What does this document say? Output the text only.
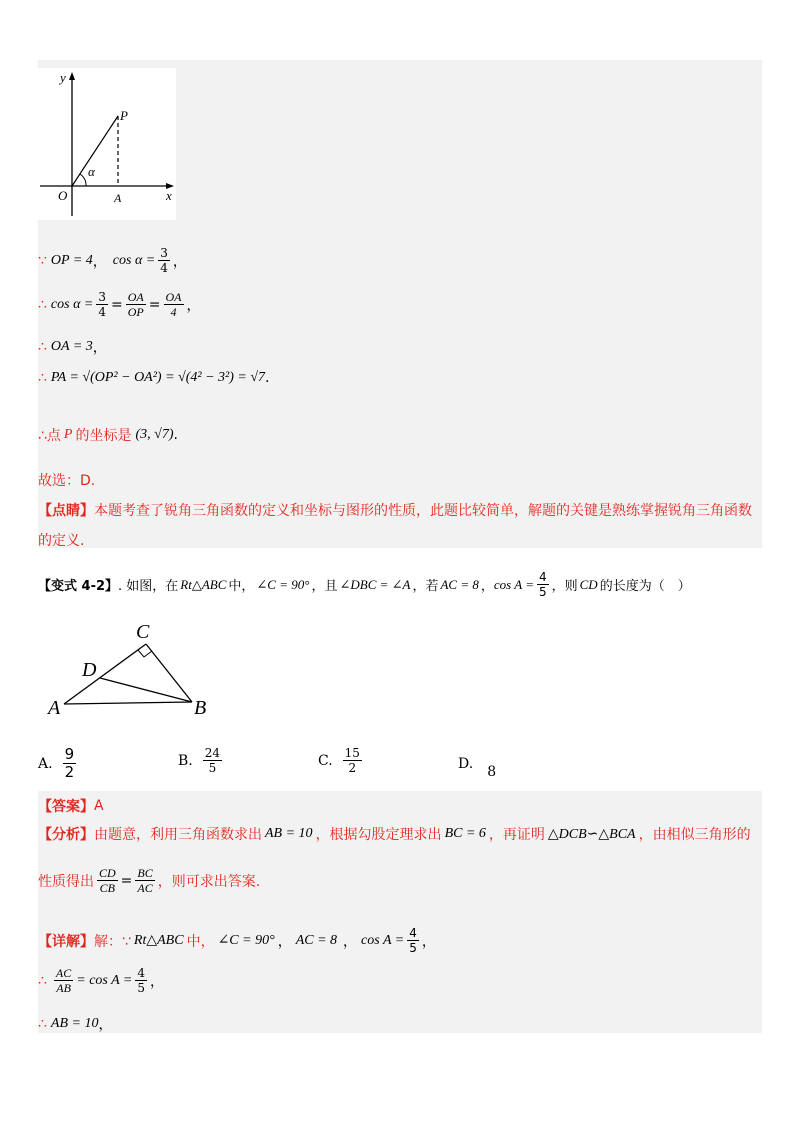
y
x
O
P
A
α
∵ OP = 4 ， $\cos \alpha = \frac{3}{4}$ ，
∴ $\cos \alpha = \frac{3}{4} = \frac{OA}{OP} = \frac{OA}{4}$ ，
∴ OA = 3 ，
∴ PA = √(OP² − OA²) = √(4² − 3²) = √7 .
∴点 P 的坐标是 (3, √7) .
故选：D.
【点睛】 本题考查了锐角三角函数的定义和坐标与图形的性质，此题比较简单，解题的关键是熟练掌握锐角三角函数
的定义.
【变式 4-2】 . 如图，在 Rt△ABC 中， ∠C = 90° ，且 ∠DBC = ∠A ，若 AC = 8 ， $\cos A = \frac{4}{5}$ ，则 CD 的长度为（　）
C
D
A	B
A. $\frac{9}{2}$	B. $\frac{24}{5}$	C. $\frac{15}{2}$	D. 8
【答案】 A
【分析】 由题意，利用三角函数求出 AB = 10 ，根据勾股定理求出 BC = 6 ，再证明 △DCB∽△BCA ，由相似三角形的
性质得出 $\frac{CD}{CB} = \frac{BC}{AC}$ ，则可求出答案.
【详解】 解：∵ Rt△ABC 中， ∠C = 90° ， AC = 8 ， $\cos A = \frac{4}{5}$ ，
∴ $\frac{AC}{AB} = \cos A = \frac{4}{5}$ ，
∴ AB = 10 ，
